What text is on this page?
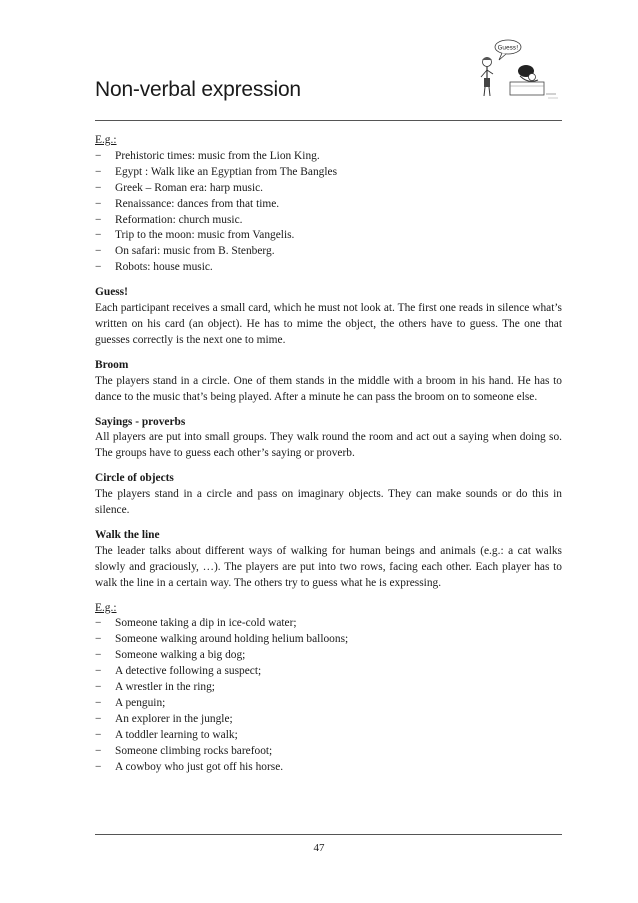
Guess!
Non-verbal expression

E.g.:

− Prehistoric times: music from the Lion King.
− Egypt : Walk like an Egyptian from The Bangles
− Greek – Roman era: harp music.
− Renaissance: dances from that time.
− Reformation: church music.
− Trip to the moon: music from Vangelis.
− On safari: music from B. Stenberg.
− Robots: house music.
Guess!

Each participant receives a small card, which he must not look at. The first one reads in silence what’s written on his card (an object). He has to mime the object, the others have to guess. The one that guesses correctly is the next one to mime.

Broom

The players stand in a circle. One of them stands in the middle with a broom in his hand. He has to dance to the music that’s being played. After a minute he can pass the broom on to someone else.

Sayings - proverbs

All players are put into small groups. They walk round the room and act out a saying when doing so. The groups have to guess each other’s saying or proverb.

Circle of objects

The players stand in a circle and pass on imaginary objects. They can make sounds or do this in silence.

Walk the line

The leader talks about different ways of walking for human beings and animals (e.g.: a cat walks slowly and graciously, …). The players are put into two rows, facing each other. Each player has to walk the line in a certain way. The others try to guess what he is expressing.

E.g.:

− Someone taking a dip in ice-cold water;
− Someone walking around holding helium balloons;
− Someone walking a big dog;
− A detective following a suspect;
− A wrestler in the ring;
− A penguin;
− An explorer in the jungle;
− A toddler learning to walk;
− Someone climbing rocks barefoot;
− A cowboy who just got off his horse.
47
